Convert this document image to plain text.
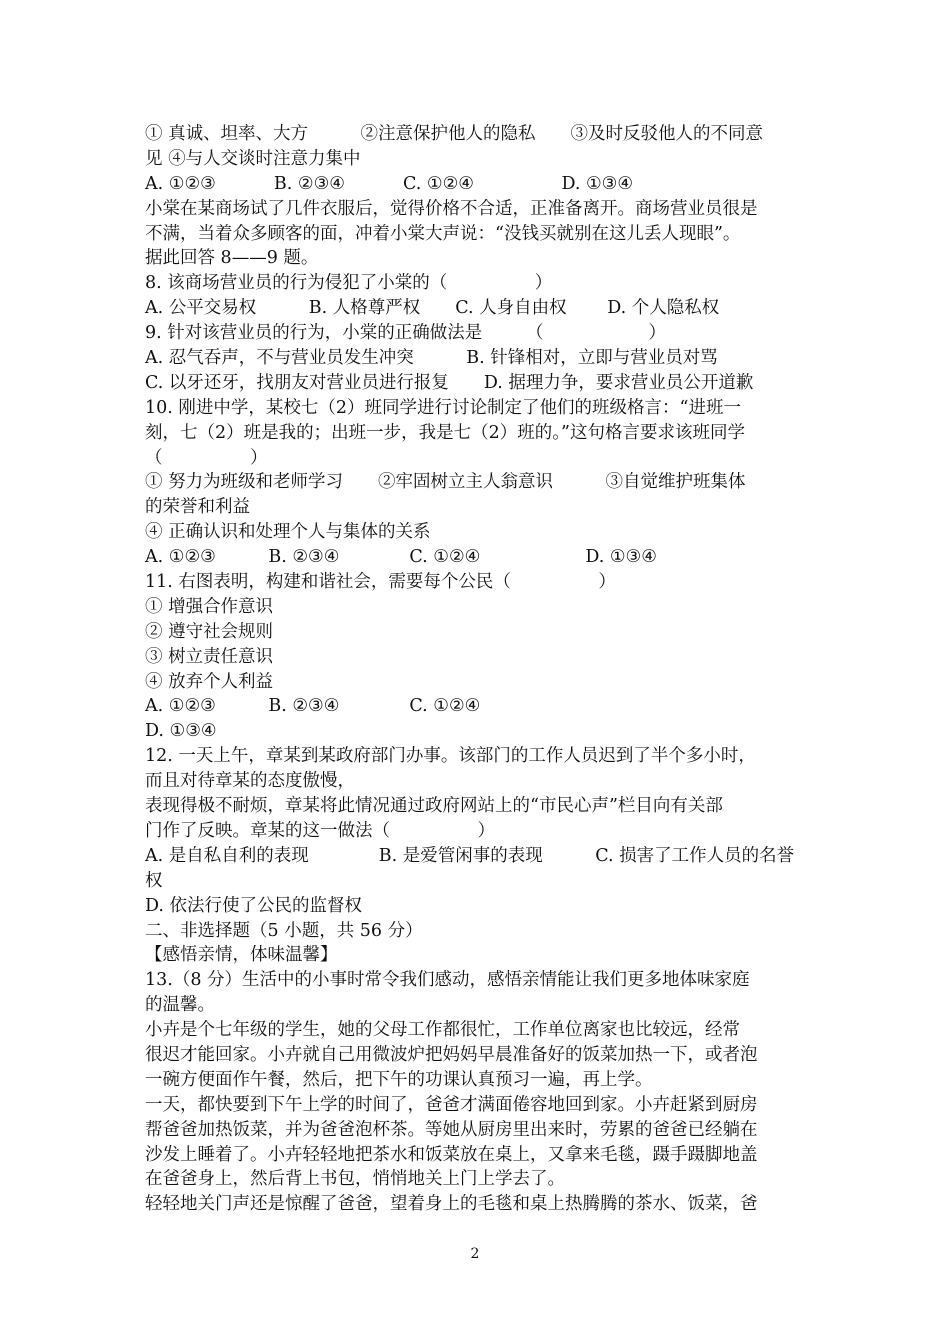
① 真诚、坦率、大方　　　②注意保护他人的隐私　　③及时反驳他人的不同意
见 ④与人交谈时注意力集中
A. ①②③　　　 B. ②③④　　　 C. ①②④　　　　　D. ①③④
小棠在某商场试了几件衣服后，觉得价格不合适，正准备离开。商场营业员很是
不满，当着众多顾客的面，冲着小棠大声说：“没钱买就别在这儿丢人现眼”。
据此回答 8——9 题。
8. 该商场营业员的行为侵犯了小棠的（　　　　　）
A. 公平交易权　　　B. 人格尊严权　　C. 人身自由权　　 D. 个人隐私权
9. 针对该营业员的行为，小棠的正确做法是　　　（　　　　　　）
A. 忍气吞声，不与营业员发生冲突　　　B. 针锋相对，立即与营业员对骂
C. 以牙还牙，找朋友对营业员进行报复　　D. 据理力争，要求营业员公开道歉
10. 刚进中学，某校七（2）班同学进行讨论制定了他们的班级格言：“进班一
刻，七（2）班是我的；出班一步，我是七（2）班的。”这句格言要求该班同学
（　　　　　）
① 努力为班级和老师学习　　②牢固树立主人翁意识　　　③自觉维护班集体
的荣誉和利益
④ 正确认识和处理个人与集体的关系
A. ①②③　　　B. ②③④　　　　C. ①②④　　　　　　D. ①③④
11. 右图表明，构建和谐社会，需要每个公民（　　　　　）
① 增强合作意识
② 遵守社会规则
③ 树立责任意识
④ 放弃个人利益
A. ①②③　　　B. ②③④　　　　C. ①②④
D. ①③④
12. 一天上午，章某到某政府部门办事。该部门的工作人员迟到了半个多小时，
而且对待章某的态度傲慢，
表现得极不耐烦，章某将此情况通过政府网站上的“市民心声”栏目向有关部
门作了反映。章某的这一做法（　　　　　）
A. 是自私自利的表现　　　　B. 是爱管闲事的表现　　　C. 损害了工作人员的名誉
权
D. 依法行使了公民的监督权
二、非选择题（5 小题，共 56 分）
【感悟亲情，体味温馨】
13.（8 分）生活中的小事时常令我们感动，感悟亲情能让我们更多地体味家庭
的温馨。
小卉是个七年级的学生，她的父母工作都很忙，工作单位离家也比较远，经常
很迟才能回家。小卉就自己用微波炉把妈妈早晨准备好的饭菜加热一下，或者泡
一碗方便面作午餐，然后，把下午的功课认真预习一遍，再上学。
一天，都快要到下午上学的时间了，爸爸才满面倦容地回到家。小卉赶紧到厨房
帮爸爸加热饭菜，并为爸爸泡杯茶。等她从厨房里出来时，劳累的爸爸已经躺在
沙发上睡着了。小卉轻轻地把茶水和饭菜放在桌上，又拿来毛毯，蹑手蹑脚地盖
在爸爸身上，然后背上书包，悄悄地关上门上学去了。
轻轻地关门声还是惊醒了爸爸，望着身上的毛毯和桌上热腾腾的茶水、饭菜，爸
2
